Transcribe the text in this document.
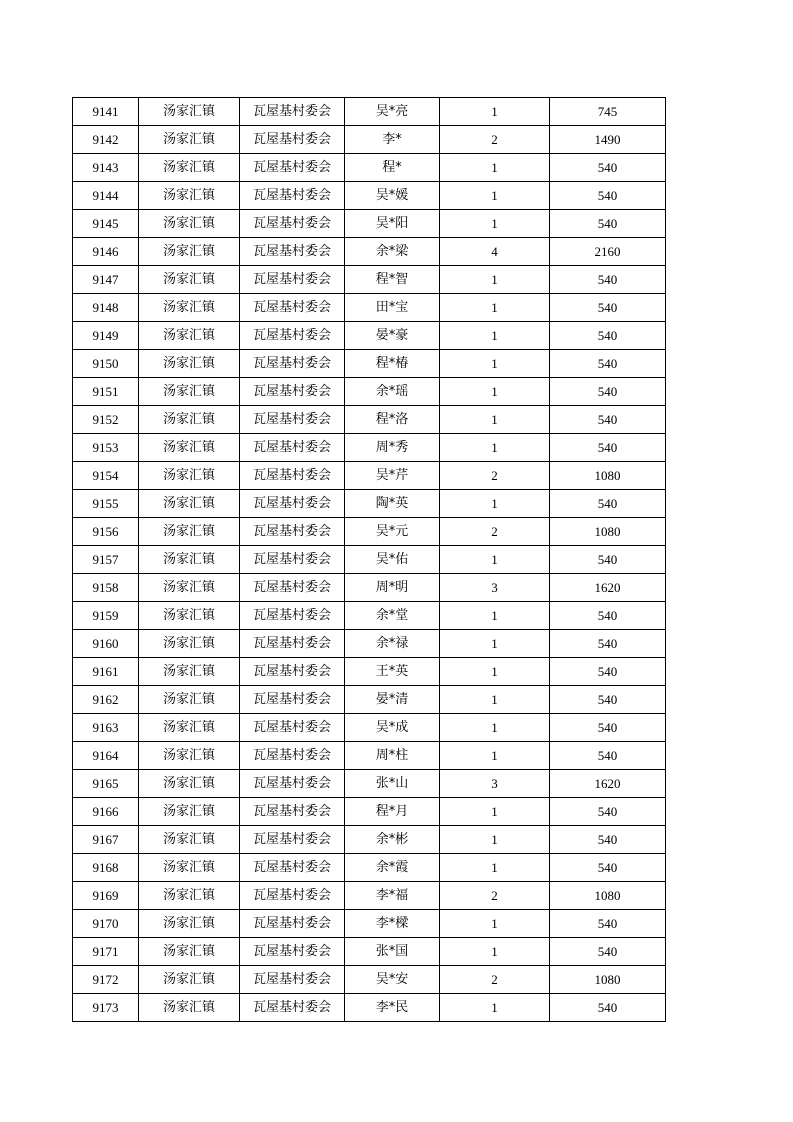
9141	汤家汇镇	瓦屋基村委会	吴*亮	1	745
9142	汤家汇镇	瓦屋基村委会	李*	2	1490
9143	汤家汇镇	瓦屋基村委会	程*	1	540
9144	汤家汇镇	瓦屋基村委会	吴*媛	1	540
9145	汤家汇镇	瓦屋基村委会	吴*阳	1	540
9146	汤家汇镇	瓦屋基村委会	余*梁	4	2160
9147	汤家汇镇	瓦屋基村委会	程*智	1	540
9148	汤家汇镇	瓦屋基村委会	田*宝	1	540
9149	汤家汇镇	瓦屋基村委会	晏*豪	1	540
9150	汤家汇镇	瓦屋基村委会	程*椿	1	540
9151	汤家汇镇	瓦屋基村委会	余*瑶	1	540
9152	汤家汇镇	瓦屋基村委会	程*洛	1	540
9153	汤家汇镇	瓦屋基村委会	周*秀	1	540
9154	汤家汇镇	瓦屋基村委会	吴*芹	2	1080
9155	汤家汇镇	瓦屋基村委会	陶*英	1	540
9156	汤家汇镇	瓦屋基村委会	吴*元	2	1080
9157	汤家汇镇	瓦屋基村委会	吴*佑	1	540
9158	汤家汇镇	瓦屋基村委会	周*明	3	1620
9159	汤家汇镇	瓦屋基村委会	余*堂	1	540
9160	汤家汇镇	瓦屋基村委会	余*禄	1	540
9161	汤家汇镇	瓦屋基村委会	王*英	1	540
9162	汤家汇镇	瓦屋基村委会	晏*清	1	540
9163	汤家汇镇	瓦屋基村委会	吴*成	1	540
9164	汤家汇镇	瓦屋基村委会	周*柱	1	540
9165	汤家汇镇	瓦屋基村委会	张*山	3	1620
9166	汤家汇镇	瓦屋基村委会	程*月	1	540
9167	汤家汇镇	瓦屋基村委会	余*彬	1	540
9168	汤家汇镇	瓦屋基村委会	余*霞	1	540
9169	汤家汇镇	瓦屋基村委会	李*福	2	1080
9170	汤家汇镇	瓦屋基村委会	李*樑	1	540
9171	汤家汇镇	瓦屋基村委会	张*国	1	540
9172	汤家汇镇	瓦屋基村委会	吴*安	2	1080
9173	汤家汇镇	瓦屋基村委会	李*民	1	540
